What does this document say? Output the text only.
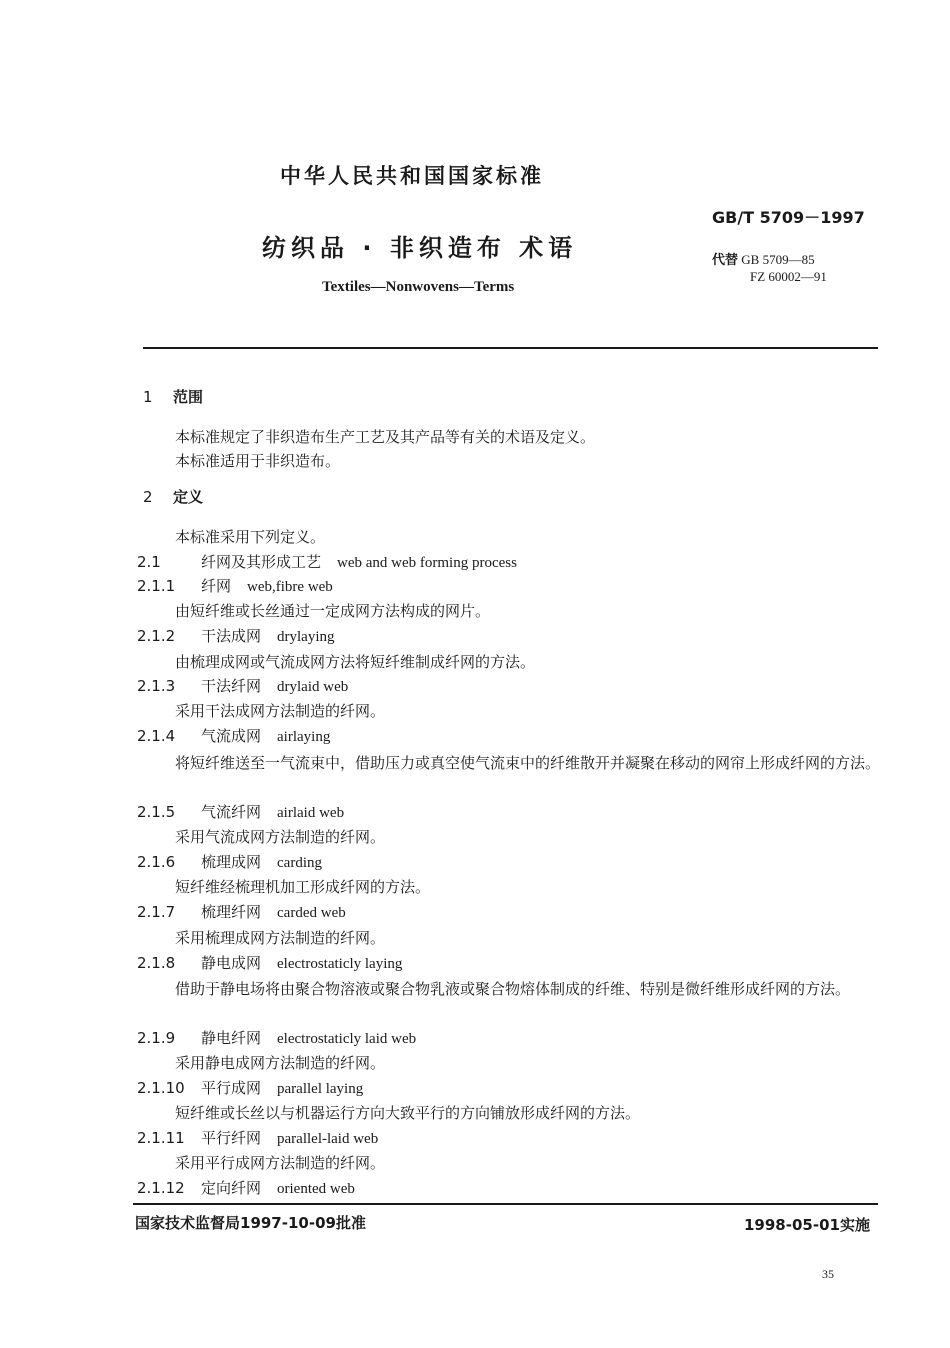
中华人民共和国国家标准
GB/T 5709－1997
纺织品 · 非织造布 术语	代替 GB 5709—85
FZ 60002—91
Textiles—Nonwovens—Terms
1 范围
本标准规定了非织造布生产工艺及其产品等有关的术语及定义。
本标准适用于非织造布。
2 定义
本标准采用下列定义。
2.1	纤网及其形成工艺 web and web forming process
2.1.1 纤网 web,fibre web
由短纤维或长丝通过一定成网方法构成的网片。
2.1.2 干法成网 drylaying
由梳理成网或气流成网方法将短纤维制成纤网的方法。
2.1.3 干法纤网 drylaid web
采用干法成网方法制造的纤网。
2.1.4 气流成网 airlaying
将短纤维送至一气流束中，借助压力或真空使气流束中的纤维散开并凝聚在移动的网帘上形成纤网的方法。
2.1.5 气流纤网 airlaid web
采用气流成网方法制造的纤网。
2.1.6 梳理成网 carding
短纤维经梳理机加工形成纤网的方法。
2.1.7 梳理纤网 carded web
采用梳理成网方法制造的纤网。
2.1.8 静电成网 electrostaticly laying
借助于静电场将由聚合物溶液或聚合物乳液或聚合物熔体制成的纤维、特别是微纤维形成纤网的方法。
2.1.9 静电纤网 electrostaticly laid web
采用静电成网方法制造的纤网。
2.1.10 平行成网 parallel laying
短纤维或长丝以与机器运行方向大致平行的方向铺放形成纤网的方法。
2.1.11 平行纤网 parallel-laid web
采用平行成网方法制造的纤网。
2.1.12 定向纤网 oriented web
国家技术监督局1997-10-09批准	1998-05-01实施
35
